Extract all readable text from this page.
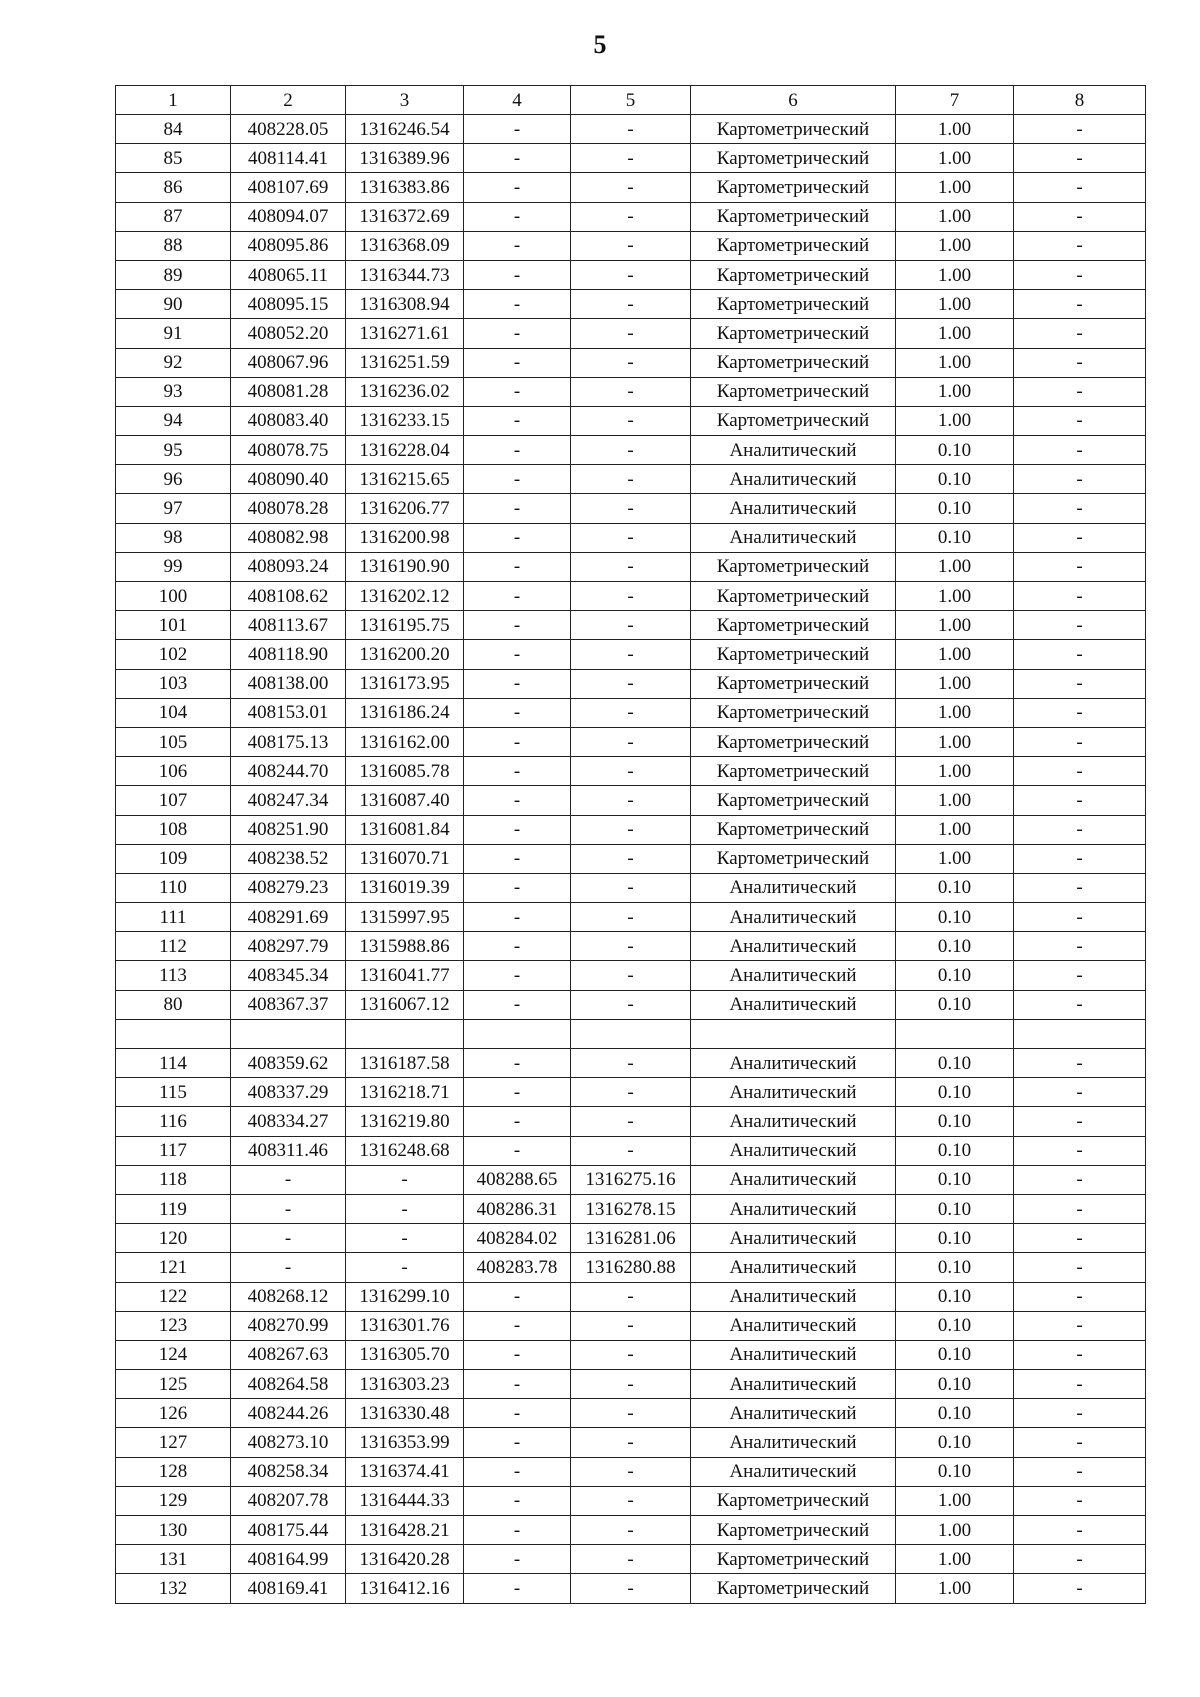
5
1	2	3	4	5	6	7	8
84	408228.05	1316246.54	-	-	Картометрический	1.00	-
85	408114.41	1316389.96	-	-	Картометрический	1.00	-
86	408107.69	1316383.86	-	-	Картометрический	1.00	-
87	408094.07	1316372.69	-	-	Картометрический	1.00	-
88	408095.86	1316368.09	-	-	Картометрический	1.00	-
89	408065.11	1316344.73	-	-	Картометрический	1.00	-
90	408095.15	1316308.94	-	-	Картометрический	1.00	-
91	408052.20	1316271.61	-	-	Картометрический	1.00	-
92	408067.96	1316251.59	-	-	Картометрический	1.00	-
93	408081.28	1316236.02	-	-	Картометрический	1.00	-
94	408083.40	1316233.15	-	-	Картометрический	1.00	-
95	408078.75	1316228.04	-	-	Аналитический	0.10	-
96	408090.40	1316215.65	-	-	Аналитический	0.10	-
97	408078.28	1316206.77	-	-	Аналитический	0.10	-
98	408082.98	1316200.98	-	-	Аналитический	0.10	-
99	408093.24	1316190.90	-	-	Картометрический	1.00	-
100	408108.62	1316202.12	-	-	Картометрический	1.00	-
101	408113.67	1316195.75	-	-	Картометрический	1.00	-
102	408118.90	1316200.20	-	-	Картометрический	1.00	-
103	408138.00	1316173.95	-	-	Картометрический	1.00	-
104	408153.01	1316186.24	-	-	Картометрический	1.00	-
105	408175.13	1316162.00	-	-	Картометрический	1.00	-
106	408244.70	1316085.78	-	-	Картометрический	1.00	-
107	408247.34	1316087.40	-	-	Картометрический	1.00	-
108	408251.90	1316081.84	-	-	Картометрический	1.00	-
109	408238.52	1316070.71	-	-	Картометрический	1.00	-
110	408279.23	1316019.39	-	-	Аналитический	0.10	-
111	408291.69	1315997.95	-	-	Аналитический	0.10	-
112	408297.79	1315988.86	-	-	Аналитический	0.10	-
113	408345.34	1316041.77	-	-	Аналитический	0.10	-
80	408367.37	1316067.12	-	-	Аналитический	0.10	-

114	408359.62	1316187.58	-	-	Аналитический	0.10	-
115	408337.29	1316218.71	-	-	Аналитический	0.10	-
116	408334.27	1316219.80	-	-	Аналитический	0.10	-
117	408311.46	1316248.68	-	-	Аналитический	0.10	-
118	-	-	408288.65	1316275.16	Аналитический	0.10	-
119	-	-	408286.31	1316278.15	Аналитический	0.10	-
120	-	-	408284.02	1316281.06	Аналитический	0.10	-
121	-	-	408283.78	1316280.88	Аналитический	0.10	-
122	408268.12	1316299.10	-	-	Аналитический	0.10	-
123	408270.99	1316301.76	-	-	Аналитический	0.10	-
124	408267.63	1316305.70	-	-	Аналитический	0.10	-
125	408264.58	1316303.23	-	-	Аналитический	0.10	-
126	408244.26	1316330.48	-	-	Аналитический	0.10	-
127	408273.10	1316353.99	-	-	Аналитический	0.10	-
128	408258.34	1316374.41	-	-	Аналитический	0.10	-
129	408207.78	1316444.33	-	-	Картометрический	1.00	-
130	408175.44	1316428.21	-	-	Картометрический	1.00	-
131	408164.99	1316420.28	-	-	Картометрический	1.00	-
132	408169.41	1316412.16	-	-	Картометрический	1.00	-
